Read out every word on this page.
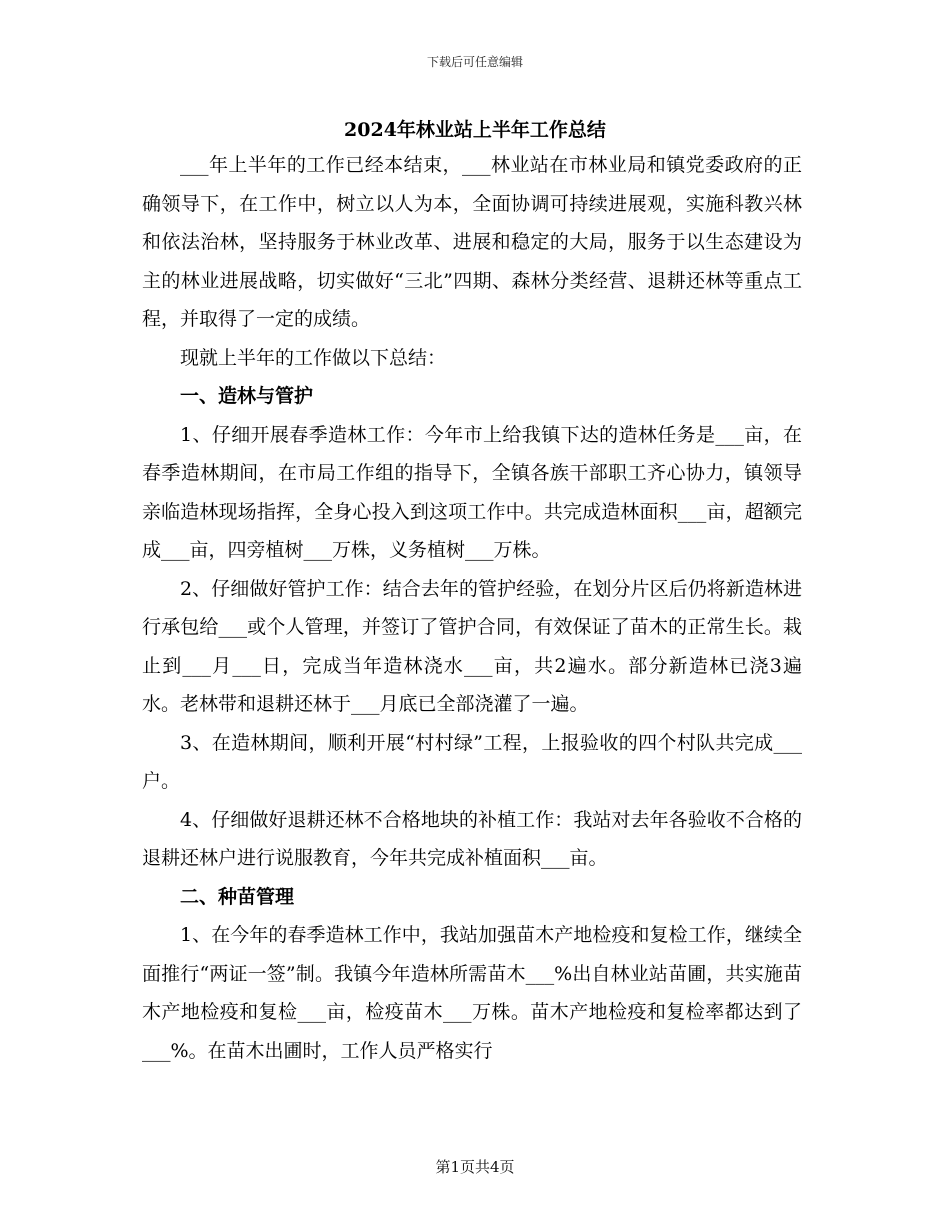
下载后可任意编辑
2024年林业站上半年工作总结

___年上半年的工作已经本结束，___林业站在市林业局和镇党委政府的正确领导下，在工作中，树立以人为本，全面协调可持续进展观，实施科教兴林和依法治林，坚持服务于林业改革、进展和稳定的大局，服务于以生态建设为主的林业进展战略，切实做好“三北”四期、森林分类经营、退耕还林等重点工程，并取得了一定的成绩。

现就上半年的工作做以下总结：

一、造林与管护

1、仔细开展春季造林工作：今年市上给我镇下达的造林任务是___亩，在春季造林期间，在市局工作组的指导下，全镇各族干部职工齐心协力，镇领导亲临造林现场指挥，全身心投入到这项工作中。共完成造林面积___亩，超额完成___亩，四旁植树___万株，义务植树___万株。

2、仔细做好管护工作：结合去年的管护经验，在划分片区后仍将新造林进行承包给___或个人管理，并签订了管护合同，有效保证了苗木的正常生长。栽止到___月___日，完成当年造林浇水___亩，共2遍水。部分新造林已浇3遍水。老林带和退耕还林于___月底已全部浇灌了一遍。

3、在造林期间，顺利开展“村村绿”工程，上报验收的四个村队共完成___户。

4、仔细做好退耕还林不合格地块的补植工作：我站对去年各验收不合格的退耕还林户进行说服教育，今年共完成补植面积___亩。

二、种苗管理

1、在今年的春季造林工作中，我站加强苗木产地检疫和复检工作，继续全面推行“两证一签”制。我镇今年造林所需苗木___%出自林业站苗圃，共实施苗木产地检疫和复检___亩，检疫苗木___万株。苗木产地检疫和复检率都达到了___%。在苗木出圃时，工作人员严格实行

第1页共4页
